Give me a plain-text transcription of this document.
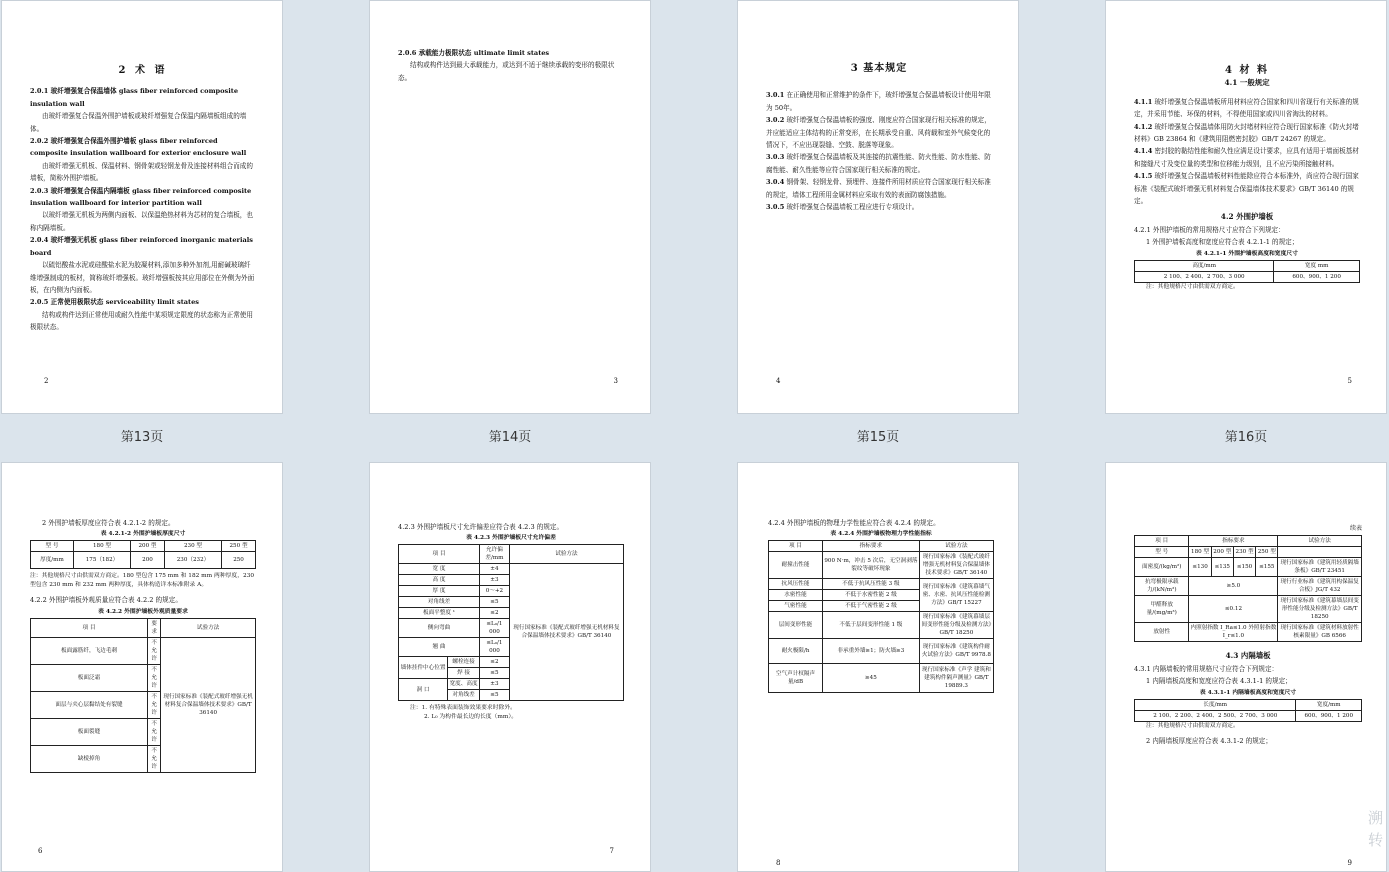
2 术 语
2.0.1 玻纤增强复合保温墙体 glass fiber reinforced composite insulation wall
由玻纤增强复合保温外围护墙板或玻纤增强复合保温内隔墙板组成的墙体。
2.0.2 玻纤增强复合保温外围护墙板 glass fiber reinforced composite insulation wallboard for exterior enclosure wall
由玻纤增强无机板、保温材料、钢骨架或轻钢龙骨及连接材料组合而成的墙板，简称外围护墙板。
2.0.3 玻纤增强复合保温内隔墙板 glass fiber reinforced composite insulation wallboard for interior partition wall
以玻纤增强无机板为两侧内面板、以保温绝热材料为芯材的复合墙板，也称内隔墙板。
2.0.4 玻纤增强无机板 glass fiber reinforced inorganic materials board
以硫铝酸盐水泥或硅酸盐水泥为胶凝材料,添加多种外加剂,用耐碱玻璃纤维增强制成的板材，简称玻纤增强板。玻纤增强板按其应用部位在外侧为外面板，在内侧为内面板。
2.0.5 正常使用极限状态 serviceability limit states
结构或构件达到正常使用或耐久性能中某项规定限度的状态称为正常使用极限状态。
2
第13页
2.0.6 承载能力极限状态 ultimate limit states
结构或构件达到最大承载能力，或达到不适于继续承载的变形的极限状态。
3
第14页
3 基本规定
3.0.1 在正确使用和正常维护的条件下，玻纤增强复合保温墙板设计使用年限为 50年。
3.0.2 玻纤增强复合保温墙板的强度、刚度应符合国家现行相关标准的规定，并应能适应主体结构的正常变形，在长期承受自重、风荷载和室外气候变化的情况下，不应出现裂缝、空鼓、脱落等现象。
3.0.3 玻纤增强复合保温墙板及其连接的抗震性能、防火性能、防水性能、防腐性能、耐久性能等应符合国家现行相关标准的规定。
3.0.4 钢骨架、轻钢龙骨、预埋件、连接件所用材质应符合国家现行相关标准的规定，墙体工程所用金属材料应采取有效的表面防腐蚀措施。
3.0.5 玻纤增强复合保温墙板工程应进行专项设计。
4
第15页
4 材 料
4.1 一般规定
4.1.1 玻纤增强复合保温墙板所用材料应符合国家和四川省现行有关标准的规定，并采用节能、环保的材料，不得使用国家或四川省淘汰的材料。
4.1.2 玻纤增强复合保温墙体用防火封堵材料应符合现行国家标准《防火封堵材料》GB 23864 和《建筑用阻燃密封胶》GB/T 24267 的规定。
4.1.4 密封胶的黏结性能和耐久性应满足设计要求，应具有适用于墙面板基材和接缝尺寸及变位量的类型和位移能力级别，且不应污染所接触材料。
4.1.5 玻纤增强复合保温墙板材料性能除应符合本标准外，尚应符合现行国家标准《装配式玻纤增强无机材料复合保温墙体技术要求》GB/T 36140 的规定。
4.2 外围护墙板
4.2.1 外围护墙板的常用规格尺寸应符合下列规定：
1 外围护墙板高度和宽度应符合表 4.2.1-1 的规定；
表 4.2.1-1 外围护墙板高度和宽度尺寸
高度/mm	宽度 mm
2 100、2 400、2 700、3 000	600、900、1 200
注：其他规格尺寸由供需双方商定。
5
第16页
2 外围护墙板厚度应符合表 4.2.1-2 的规定。
表 4.2.1-2 外围护墙板厚度尺寸
型 号	180 型	200 型	230 型	250 型
厚度/mm	175（182）	200	230（232）	250
注：其他规格尺寸由供需双方商定。180 型包含 175 mm 和 182 mm 两种厚度，230 型包含 230 mm 和 232 mm 两种厚度，具体构造详本标准附录 A。
4.2.2 外围护墙板外观质量应符合表 4.2.2 的规定。
表 4.2.2 外围护墙板外观质量要求
项 目	要求	试验方法
板面露筋纤，飞边毛刺	不允许	现行国家标准《装配式玻纤增强无机材料复合保温墙体技术要求》GB/T 36140
板面泛霜	不允许	
面层与夹心层黏结处有裂缝	不允许	
板面裂缝	不允许	
缺棱掉角	不允许	
6
4.2.3 外围护墙板尺寸允许偏差应符合表 4.2.3 的规定。
表 4.2.3 外围护墙板尺寸允许偏差
项 目		允许偏差/mm	试验方法
宽 度		±4	现行国家标准《装配式玻纤增强无机材料复合保温墙体技术要求》GB/T 36140
高 度		±3	
厚 度		0～+2	
对角线差		≤5	
板面平整度 ¹		≤2	
侧向弯曲		≤L₀/1 000	
翘 曲		≤L₀/1 000	
墙体挂件中心位置	螺栓连接	≤2	
	焊 接	≤5	
洞 口	宽度、高度	±3	
	对角线差	≤5	
注：1. 有特殊表面装饰效果要求时除外。
2. L₀ 为构件最长边的长度（mm）。
7
4.2.4 外围护墙板的物理力学性能应符合表 4.2.4 的规定。
表 4.2.4 外围护墙板物理力学性能指标
项 目	指标要求	试验方法
耐撞击性能	900 N·m，冲击 5 次后，无空洞剥落裂纹等破坏现象	现行国家标准《装配式玻纤增强无机材料复合保温墙体技术要求》GB/T 36140
抗风压性能	不低于抗风压性能 3 级	现行国家标准《建筑幕墙气密、水密、抗风压性能检测方法》GB/T 15227
水密性能	不低于水密性能 2 级	
气密性能	不低于气密性能 2 级	
层间变形性能	不低于层间变形性能 1 级	现行国家标准《建筑幕墙层间变形性能分级及检测方法》GB/T 18250
耐火极限/h	非承重外墙≥1；防火墙≥3	现行国家标准《建筑构件耐火试验方法》GB/T 9978.8
空气声计权隔声量/dB	≥45	现行国家标准《声学 建筑和建筑构件隔声测量》GB/T 19889.3
8
续表
项 目	指标要求				试验方法
型 号	180 型	200 型	230 型	250 型	
面密度/(kg/m²)	≤130	≤135	≤150	≤155	现行国家标准《建筑用轻质隔墙条板》GB/T 23451
抗弯极限承载力/(kN/m²)	≥5.0				现行行业标准《建筑用构保温复合板》JG/T 432
甲醛释放量/(mg/m³)	≤0.12				现行国家标准《建筑幕墙层间变形性能分级及检测方法》GB/T 18250
放射性	内照射指数 I_Ra≤1.0 外照射指数 I_r≤1.0				现行国家标准《建筑材料放射性核素限量》GB 6566
4.3 内隔墙板
4.3.1 内隔墙板的常用规格尺寸应符合下列规定：
1 内隔墙板高度和宽度应符合表 4.3.1-1 的规定；
表 4.3.1-1 内隔墙板高度和宽度尺寸
长度/mm	宽度/mm
2 100、2 200、2 400、2 500、2 700、3 000	600、900、1 200
注：其他规格尺寸由供需双方商定。
2 内隔墙板厚度应符合表 4.3.1-2 的规定；
9
溯转
